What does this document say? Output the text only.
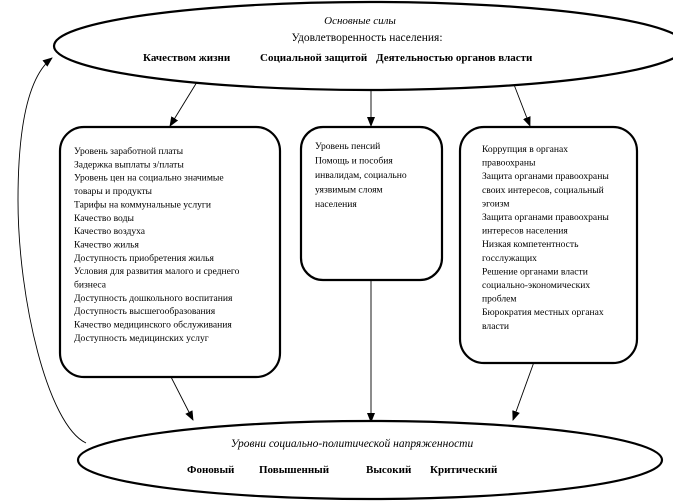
Основные силы
Удовлетворенность населения:
Качеством жизни	Социальной защитой Деятельностью органов власти
Уровень заработной платы
Задержка выплаты з/платы
Уровень цен на социально значимые
товары и продукты
Тарифы на коммунальные услуги
Качество воды
Качество воздуха
Качество жилья
Доступность приобретения жилья
Условия для развития малого и среднего
бизнеса
Доступность дошкольного воспитания
Доступность высшегообразования
Качество медицинского обслуживания
Доступность медицинских услуг
Уровень пенсий
Помощь и пособия
инвалидам, социально
уязвимым слоям
населения
Коррупция в органах
правоохраны
Защита органами правоохраны
своих интересов, социальный
эгоизм
Защита органами правоохраны
интересов населения
Низкая компетентность
госслужащих
Решение органами власти
социально-экономических
проблем
Бюрократия местных органах
власти
Уровни социально-политической напряженности
Фоновый Повышенный	Высокий Критический
